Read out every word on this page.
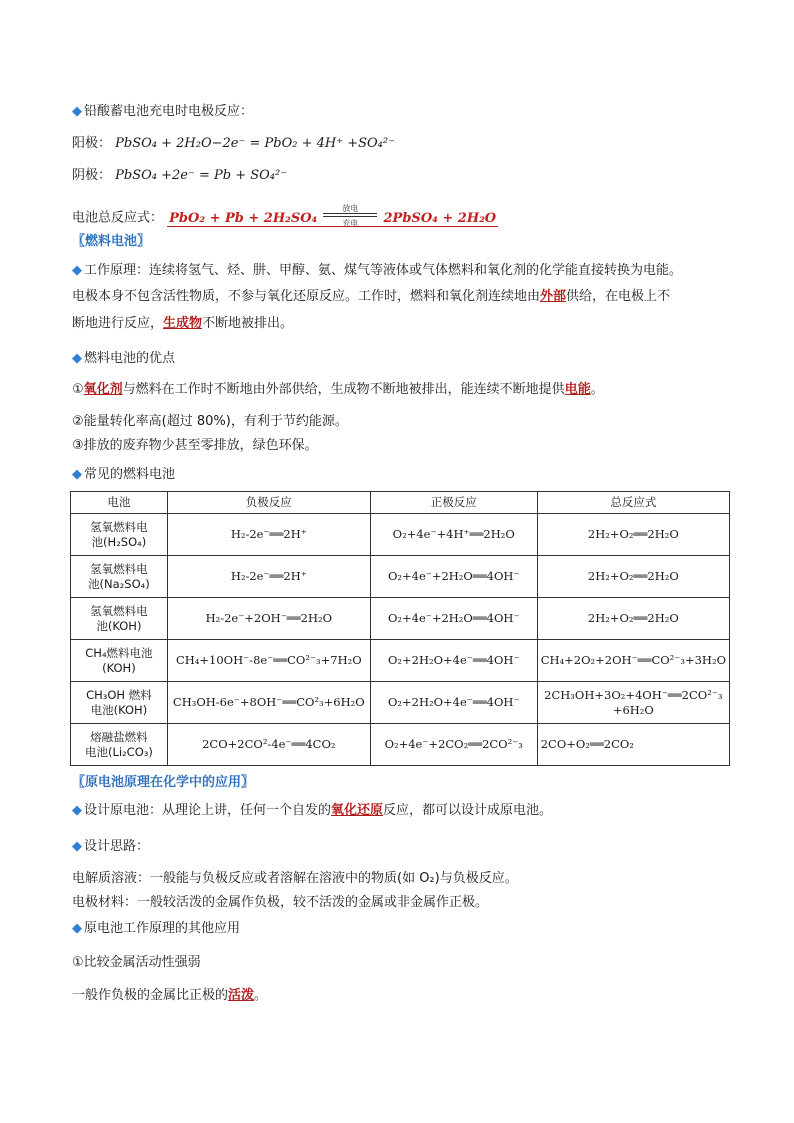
◆ 铅酸蓄电池充电时电极反应：
阳极： PbSO₄ + 2H₂O−2e⁻ = PbO₂ + 4H⁺ +SO₄²⁻
阴极： PbSO₄ +2e⁻ = Pb + SO₄²⁻
电池总反应式： PbO₂ + Pb + 2H₂SO₄
放电
充电	2PbSO₄ + 2H₂O
〖燃料电池〗
◆ 工作原理：连续将氢气、烃、肼、甲醇、氨、煤气等液体或气体燃料和氧化剂的化学能直接转换为电能。
电极本身不包含活性物质，不参与氧化还原反应。工作时，燃料和氧化剂连续地由外部供给，在电极上不
断地进行反应，生成物不断地被排出。
◆ 燃料电池的优点
①氧化剂与燃料在工作时不断地由外部供给，生成物不断地被排出，能连续不断地提供电能。
②能量转化率高(超过 80%)，有利于节约能源。
③排放的废弃物少甚至零排放，绿色环保。
◆ 常见的燃料电池
电池	负极反应	正极反应	总反应式
氢氧燃料电
池(H₂SO₄)	H₂-2e⁻══2H⁺	O₂+4e⁻+4H⁺══2H₂O	2H₂+O₂══2H₂O
氢氧燃料电
池(Na₂SO₄)	H₂-2e⁻══2H⁺	O₂+4e⁻+2H₂O══4OH⁻	2H₂+O₂══2H₂O
氢氧燃料电
池(KOH)	H₂-2e⁻+2OH⁻══2H₂O	O₂+4e⁻+2H₂O══4OH⁻	2H₂+O₂══2H₂O
CH₄燃料电池
(KOH)	CH₄+10OH⁻-8e⁻══CO²⁻₃+7H₂O	O₂+2H₂O+4e⁻══4OH⁻	CH₄+2O₂+2OH⁻══CO²⁻₃+3H₂O
CH₃OH 燃料
电池(KOH)	CH₃OH-6e⁻+8OH⁻══CO²₃+6H₂O	O₂+2H₂O+4e⁻══4OH⁻	2CH₃OH+3O₂+4OH⁻══2CO²⁻₃ +6H₂O
熔融盐燃料
电池(Li₂CO₃)	2CO+2CO²-4e⁻══4CO₂	O₂+4e⁻+2CO₂══2CO²⁻₃	2CO+O₂══2CO₂
〖原电池原理在化学中的应用〗
◆ 设计原电池：从理论上讲，任何一个自发的氧化还原反应，都可以设计成原电池。
◆ 设计思路：
电解质溶液：一般能与负极反应或者溶解在溶液中的物质(如 O₂)与负极反应。
电极材料：一般较活泼的金属作负极，较不活泼的金属或非金属作正极。
◆ 原电池工作原理的其他应用
①比较金属活动性强弱
一般作负极的金属比正极的活泼。
